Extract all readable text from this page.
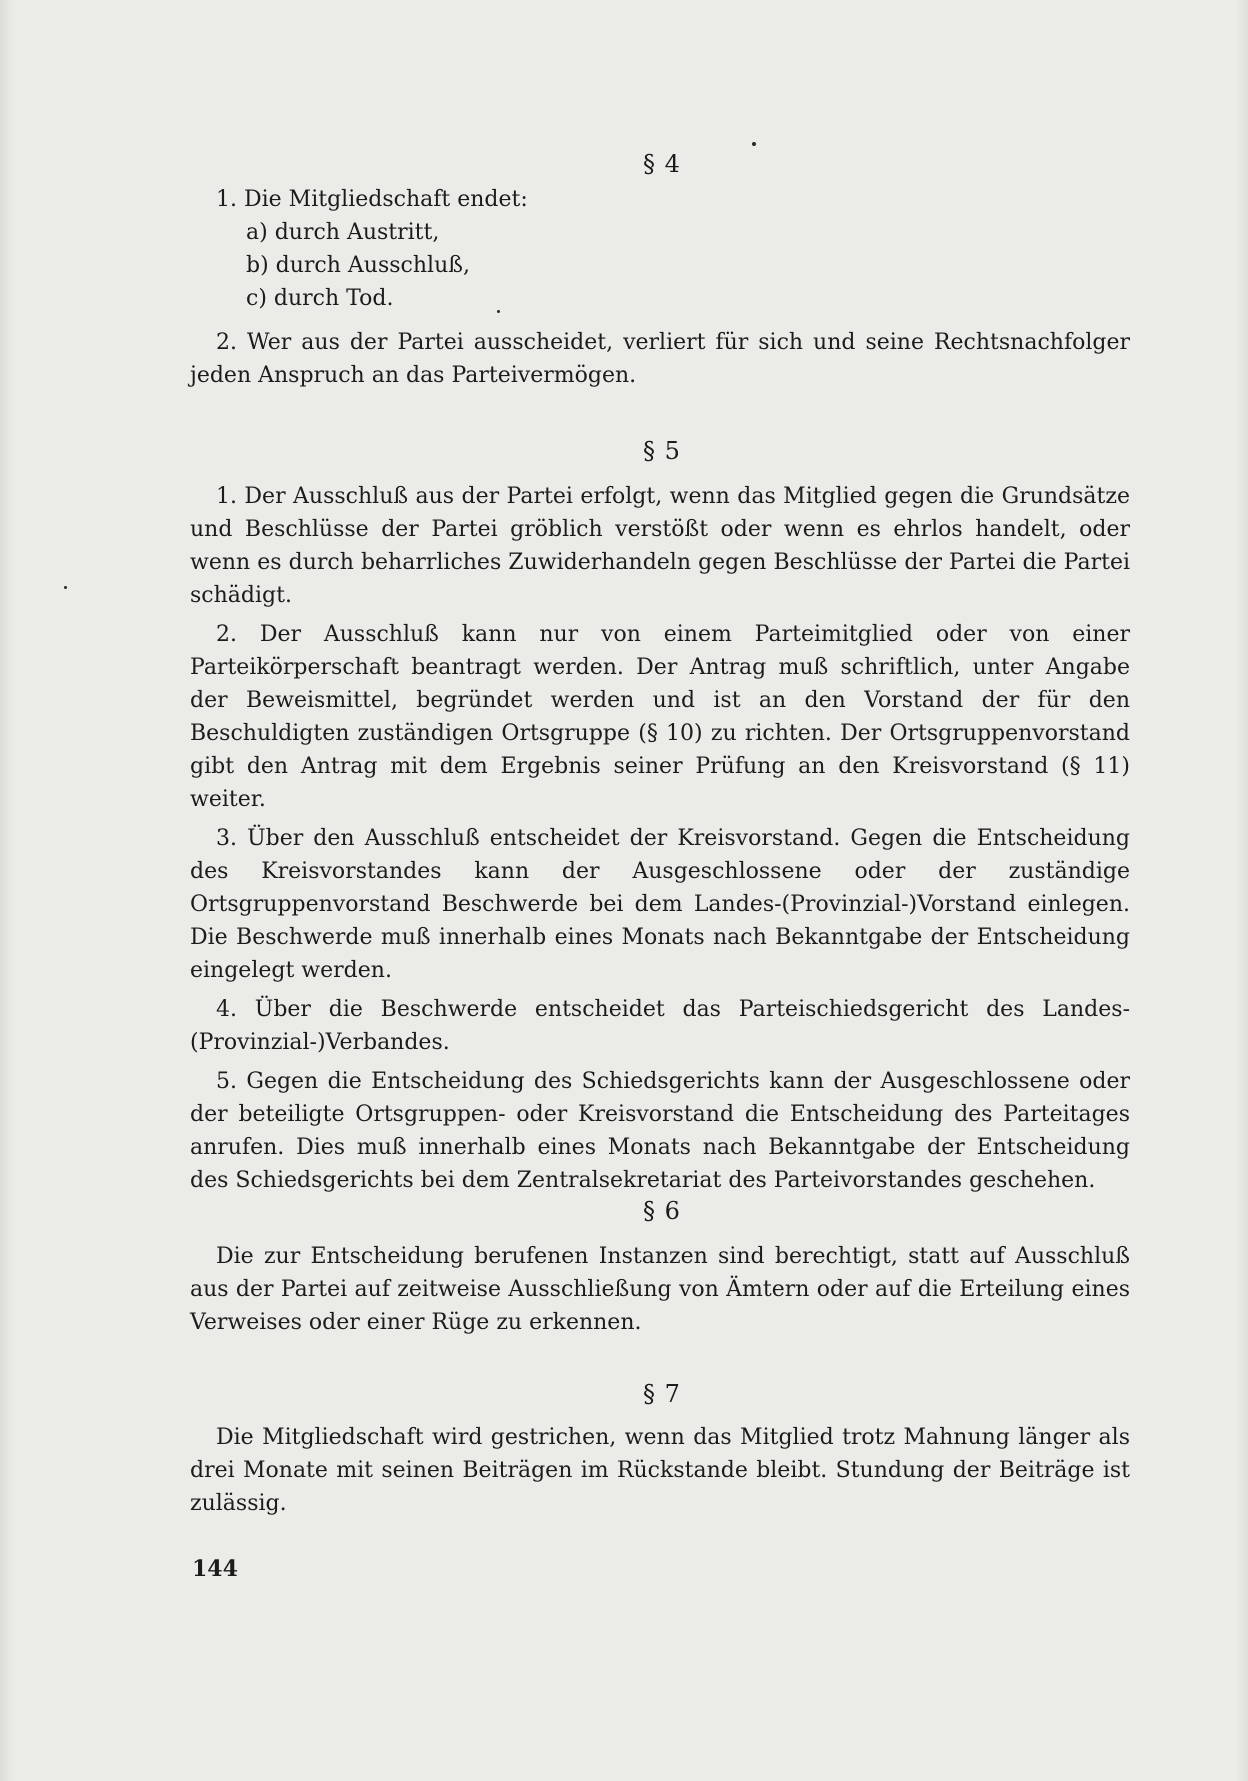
§ 4

1. Die Mitgliedschaft endet:

a) durch Austritt,

b) durch Ausschluß,

c) durch Tod.

2. Wer aus der Partei ausscheidet, verliert für sich und seine Rechtsnachfolger jeden Anspruch an das Parteivermögen.

§ 5

1. Der Ausschluß aus der Partei erfolgt, wenn das Mitglied gegen die Grundsätze und Beschlüsse der Partei gröblich verstößt oder wenn es ehrlos handelt, oder wenn es durch beharrliches Zuwiderhandeln gegen Beschlüsse der Partei die Partei schädigt.

2. Der Ausschluß kann nur von einem Parteimitglied oder von einer Parteikörperschaft beantragt werden. Der Antrag muß schriftlich, unter Angabe der Beweismittel, begründet werden und ist an den Vorstand der für den Beschuldigten zuständigen Ortsgruppe (§ 10) zu richten. Der Ortsgruppenvorstand gibt den Antrag mit dem Ergebnis seiner Prüfung an den Kreisvorstand (§ 11) weiter.

3. Über den Ausschluß entscheidet der Kreisvorstand. Gegen die Entscheidung des Kreisvorstandes kann der Ausgeschlossene oder der zuständige Ortsgruppenvorstand Beschwerde bei dem Landes-(Provinzial-)Vorstand einlegen. Die Beschwerde muß innerhalb eines Monats nach Bekanntgabe der Entscheidung eingelegt werden.

4. Über die Beschwerde entscheidet das Parteischiedsgericht des Landes-(Provinzial-)Verbandes.

5. Gegen die Entscheidung des Schiedsgerichts kann der Ausgeschlossene oder der beteiligte Ortsgruppen- oder Kreisvorstand die Entscheidung des Parteitages anrufen. Dies muß innerhalb eines Monats nach Bekanntgabe der Entscheidung des Schiedsgerichts bei dem Zentralsekretariat des Parteivorstandes geschehen.

§ 6

Die zur Entscheidung berufenen Instanzen sind berechtigt, statt auf Ausschluß aus der Partei auf zeitweise Ausschließung von Ämtern oder auf die Erteilung eines Verweises oder einer Rüge zu erkennen.

§ 7

Die Mitgliedschaft wird gestrichen, wenn das Mitglied trotz Mahnung länger als drei Monate mit seinen Beiträgen im Rückstande bleibt. Stundung der Beiträge ist zulässig.

144
